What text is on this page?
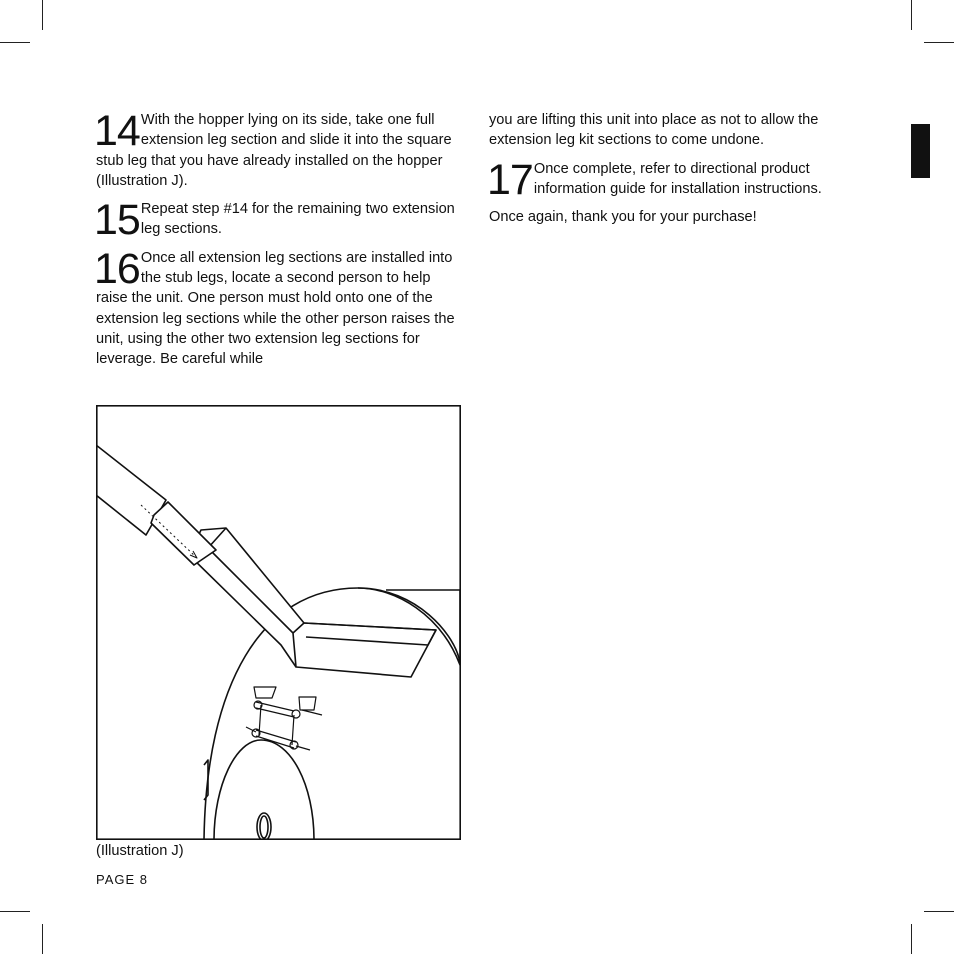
14 With the hopper lying on its side, take one full extension leg section and slide it into the square stub leg that you have already installed on the hopper (Illustration J).
15 Repeat step #14 for the remaining two extension leg sections.
16 Once all extension leg sections are installed into the stub legs, locate a second person to help raise the unit. One person must hold onto one of the extension leg sections while the other person raises the unit, using the other two extension leg sections for leverage. Be careful while

you are lifting this unit into place as not to allow the extension leg kit sections to come undone.

17 Once complete, refer to directional product information guide for installation instructions.

Once again, thank you for your purchase!

(Illustration J)
PAGE 8
